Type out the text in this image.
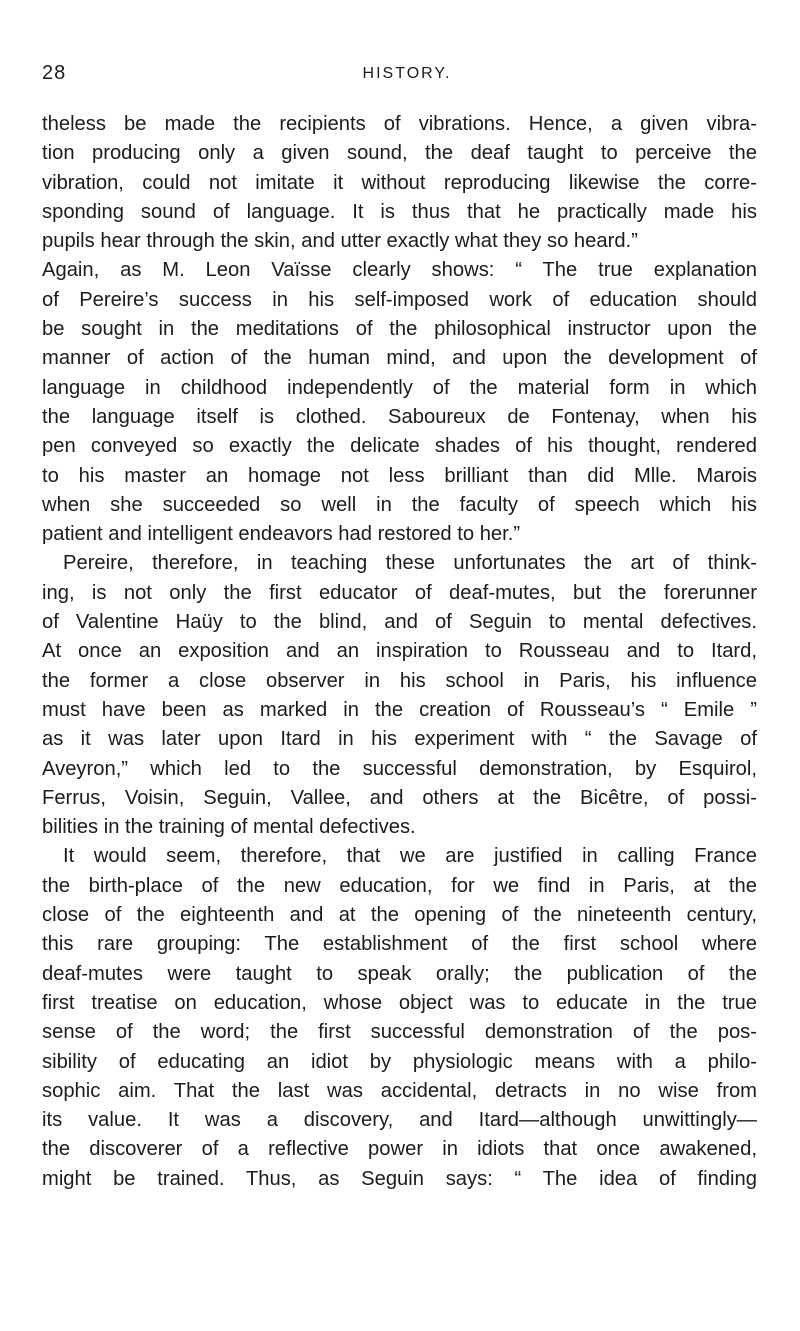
28	HISTORY.
theless be made the recipients of vibrations. Hence, a given vibra-
tion producing only a given sound, the deaf taught to perceive the
vibration, could not imitate it without reproducing likewise the corre-
sponding sound of language. It is thus that he practically made his
pupils hear through the skin, and utter exactly what they so heard.”
Again, as M. Leon Vaïsse clearly shows: “ The true explanation
of Pereire’s success in his self-imposed work of education should
be sought in the meditations of the philosophical instructor upon the
manner of action of the human mind, and upon the development of
language in childhood independently of the material form in which
the language itself is clothed. Saboureux de Fontenay, when his
pen conveyed so exactly the delicate shades of his thought, rendered
to his master an homage not less brilliant than did Mlle. Marois
when she succeeded so well in the faculty of speech which his
patient and intelligent endeavors had restored to her.”
Pereire, therefore, in teaching these unfortunates the art of think-
ing, is not only the first educator of deaf-mutes, but the forerunner
of Valentine Haüy to the blind, and of Seguin to mental defectives.
At once an exposition and an inspiration to Rousseau and to Itard,
the former a close observer in his school in Paris, his influence
must have been as marked in the creation of Rousseau’s “ Emile ”
as it was later upon Itard in his experiment with “ the Savage of
Aveyron,” which led to the successful demonstration, by Esquirol,
Ferrus, Voisin, Seguin, Vallee, and others at the Bicêtre, of possi-
bilities in the training of mental defectives.
It would seem, therefore, that we are justified in calling France
the birth-place of the new education, for we find in Paris, at the
close of the eighteenth and at the opening of the nineteenth century,
this rare grouping: The establishment of the first school where
deaf-mutes were taught to speak orally; the publication of the
first treatise on education, whose object was to educate in the true
sense of the word; the first successful demonstration of the pos-
sibility of educating an idiot by physiologic means with a philo-
sophic aim. That the last was accidental, detracts in no wise from
its value. It was a discovery, and Itard—although unwittingly—
the discoverer of a reflective power in idiots that once awakened,
might be trained. Thus, as Seguin says: “ The idea of finding
